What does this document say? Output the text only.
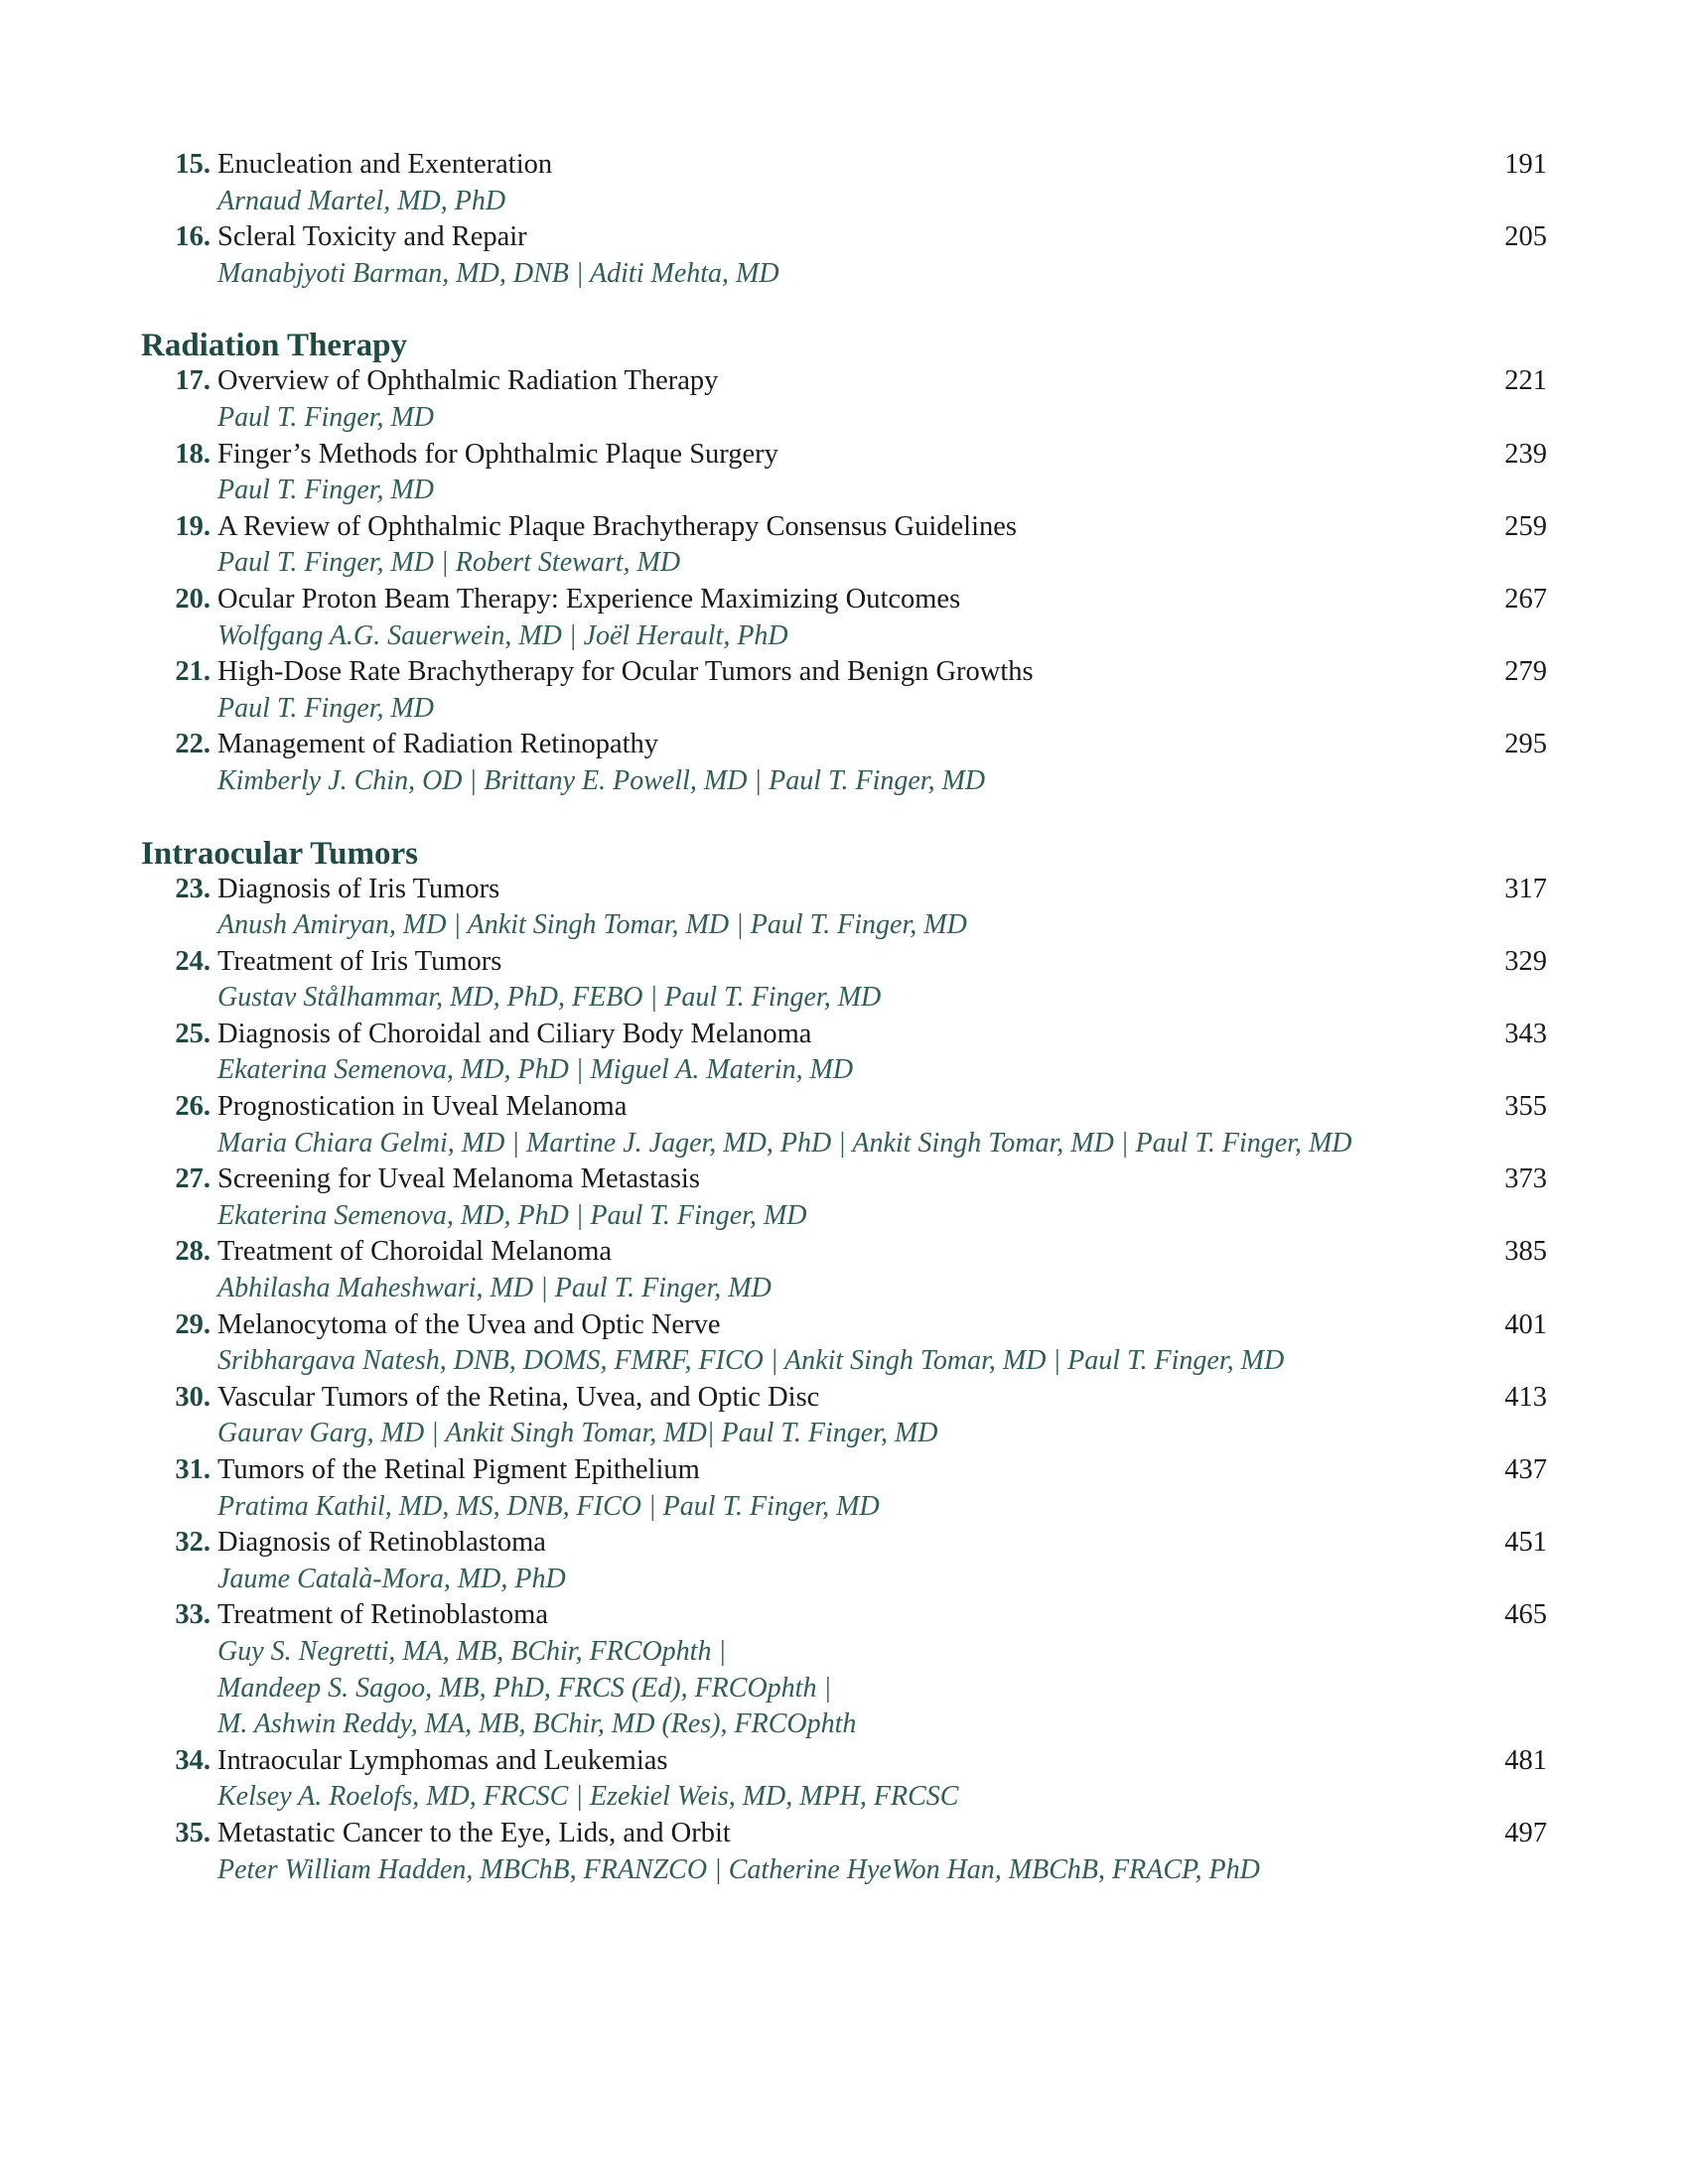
15. Enucleation and Exenteration	191
Arnaud Martel, MD, PhD
16. Scleral Toxicity and Repair	205
Manabjyoti Barman, MD, DNB | Aditi Mehta, MD
Radiation Therapy
17. Overview of Ophthalmic Radiation Therapy	221
Paul T. Finger, MD
18. Finger’s Methods for Ophthalmic Plaque Surgery	239
Paul T. Finger, MD
19. A Review of Ophthalmic Plaque Brachytherapy Consensus Guidelines	259
Paul T. Finger, MD | Robert Stewart, MD
20. Ocular Proton Beam Therapy: Experience Maximizing Outcomes	267
Wolfgang A.G. Sauerwein, MD | Joël Herault, PhD
21. High-Dose Rate Brachytherapy for Ocular Tumors and Benign Growths	279
Paul T. Finger, MD
22. Management of Radiation Retinopathy	295
Kimberly J. Chin, OD | Brittany E. Powell, MD | Paul T. Finger, MD
Intraocular Tumors
23. Diagnosis of Iris Tumors	317
Anush Amiryan, MD | Ankit Singh Tomar, MD | Paul T. Finger, MD
24. Treatment of Iris Tumors	329
Gustav Stålhammar, MD, PhD, FEBO | Paul T. Finger, MD
25. Diagnosis of Choroidal and Ciliary Body Melanoma	343
Ekaterina Semenova, MD, PhD | Miguel A. Materin, MD
26. Prognostication in Uveal Melanoma	355
Maria Chiara Gelmi, MD | Martine J. Jager, MD, PhD | Ankit Singh Tomar, MD | Paul T. Finger, MD
27. Screening for Uveal Melanoma Metastasis	373
Ekaterina Semenova, MD, PhD | Paul T. Finger, MD
28. Treatment of Choroidal Melanoma	385
Abhilasha Maheshwari, MD | Paul T. Finger, MD
29. Melanocytoma of the Uvea and Optic Nerve	401
Sribhargava Natesh, DNB, DOMS, FMRF, FICO | Ankit Singh Tomar, MD | Paul T. Finger, MD
30. Vascular Tumors of the Retina, Uvea, and Optic Disc	413
Gaurav Garg, MD | Ankit Singh Tomar, MD| Paul T. Finger, MD
31. Tumors of the Retinal Pigment Epithelium	437
Pratima Kathil, MD, MS, DNB, FICO | Paul T. Finger, MD
32. Diagnosis of Retinoblastoma	451
Jaume Català-Mora, MD, PhD
33. Treatment of Retinoblastoma	465
Guy S. Negretti, MA, MB, BChir, FRCOphth |
Mandeep S. Sagoo, MB, PhD, FRCS (Ed), FRCOphth |
M. Ashwin Reddy, MA, MB, BChir, MD (Res), FRCOphth
34. Intraocular Lymphomas and Leukemias	481
Kelsey A. Roelofs, MD, FRCSC | Ezekiel Weis, MD, MPH, FRCSC
35. Metastatic Cancer to the Eye, Lids, and Orbit	497
Peter William Hadden, MBChB, FRANZCO | Catherine HyeWon Han, MBChB, FRACP, PhD
